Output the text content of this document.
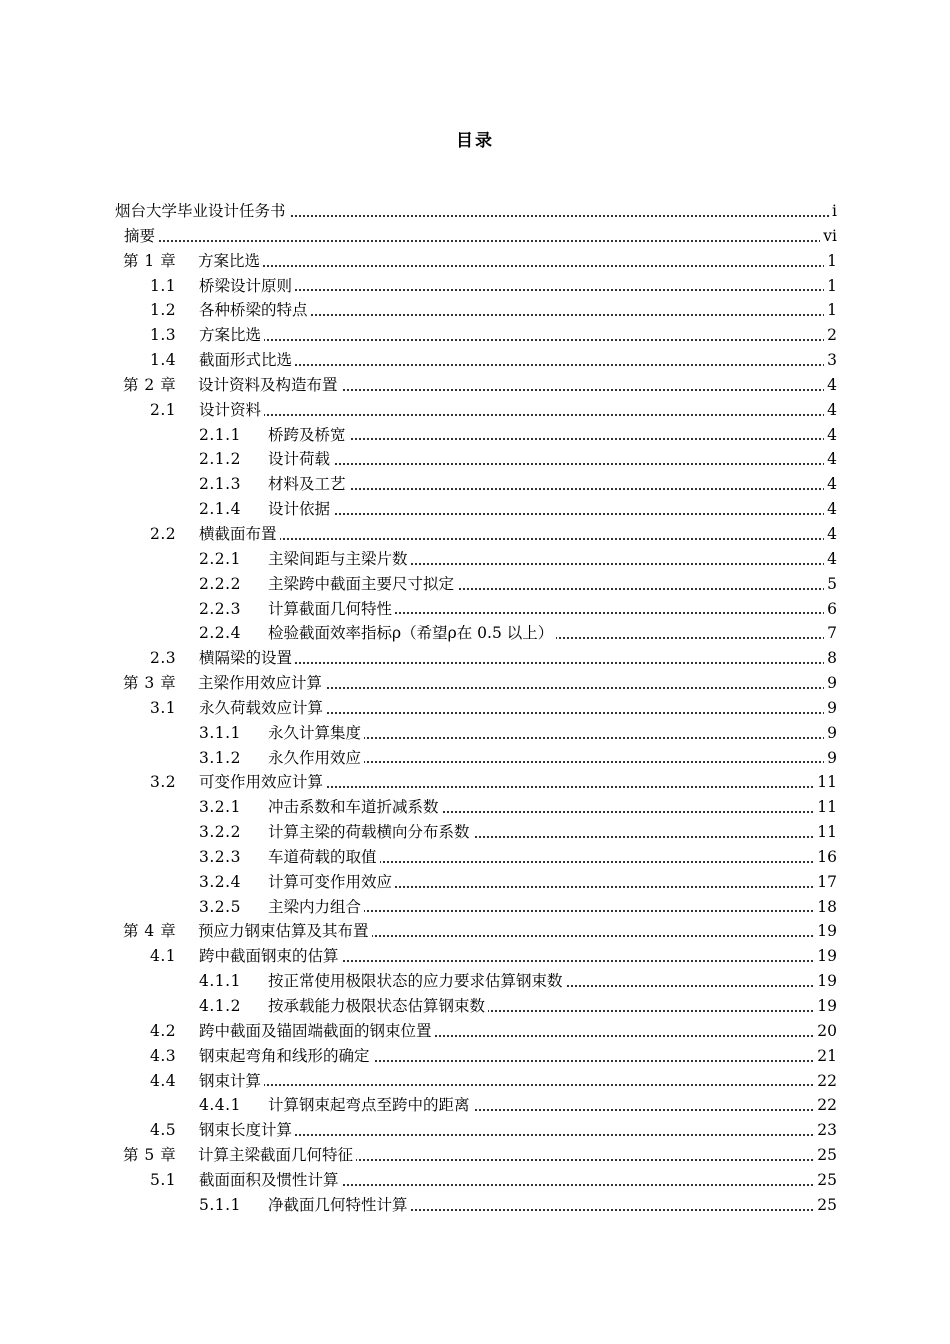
目录
烟台大学毕业设计任务书	i
摘要	vi
第 1 章 方案比选	1
1.1 桥梁设计原则	1
1.2 各种桥梁的特点	1
1.3 方案比选	2
1.4 截面形式比选	3
第 2 章 设计资料及构造布置	4
2.1 设计资料	4
2.1.1 桥跨及桥宽	4
2.1.2 设计荷载	4
2.1.3 材料及工艺	4
2.1.4 设计依据	4
2.2 横截面布置	4
2.2.1 主梁间距与主梁片数	4
2.2.2 主梁跨中截面主要尺寸拟定	5
2.2.3 计算截面几何特性	6
2.2.4 检验截面效率指标ρ（希望ρ在 0.5 以上）	7
2.3 横隔梁的设置	8
第 3 章 主梁作用效应计算	9
3.1 永久荷载效应计算	9
3.1.1 永久计算集度	9
3.1.2 永久作用效应	9
3.2 可变作用效应计算	11
3.2.1 冲击系数和车道折减系数	11
3.2.2 计算主梁的荷载横向分布系数	11
3.2.3 车道荷载的取值	16
3.2.4 计算可变作用效应	17
3.2.5 主梁内力组合	18
第 4 章 预应力钢束估算及其布置	19
4.1 跨中截面钢束的估算	19
4.1.1 按正常使用极限状态的应力要求估算钢束数	19
4.1.2 按承载能力极限状态估算钢束数	19
4.2 跨中截面及锚固端截面的钢束位置	20
4.3 钢束起弯角和线形的确定	21
4.4 钢束计算	22
4.4.1 计算钢束起弯点至跨中的距离	22
4.5 钢束长度计算	23
第 5 章 计算主梁截面几何特征	25
5.1 截面面积及惯性计算	25
5.1.1 净截面几何特性计算	25
